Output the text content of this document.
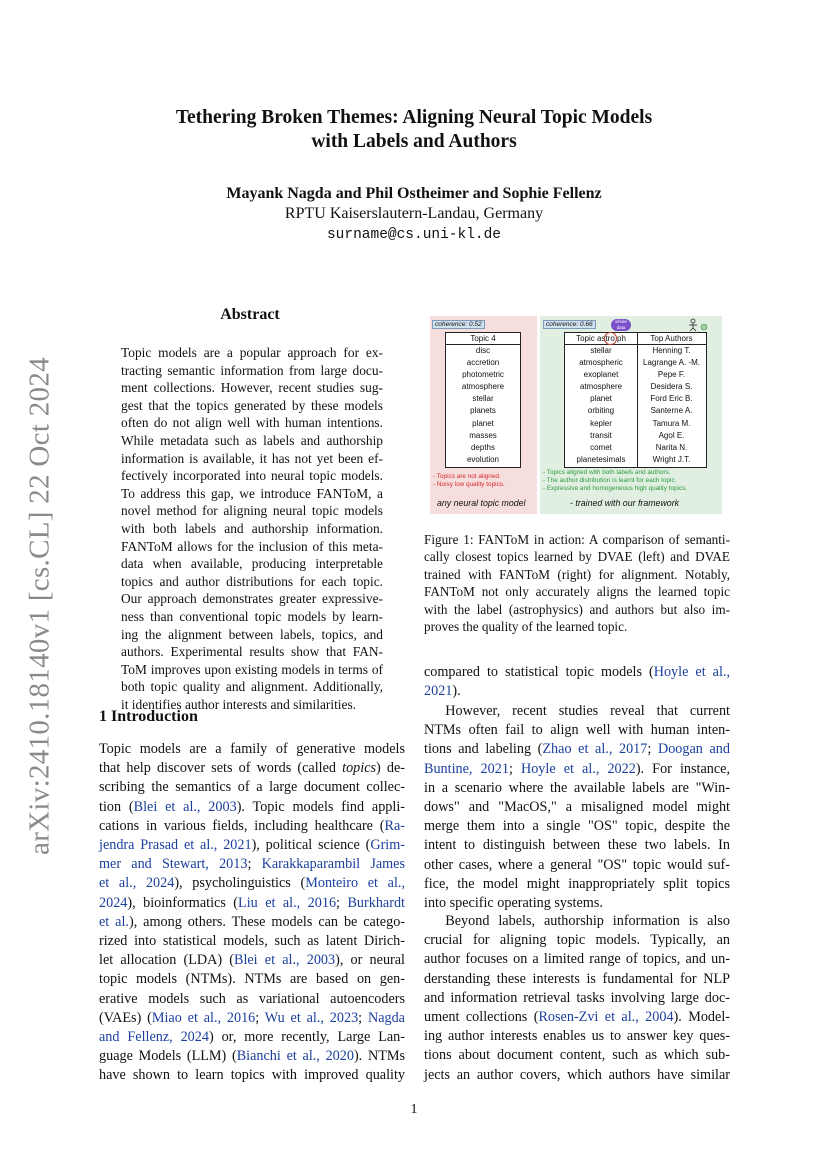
arXiv:2410.18140v1 [cs.CL] 22 Oct 2024
Tethering Broken Themes: Aligning Neural Topic Models
with Labels and Authors
Mayank Nagda and Phil Ostheimer and Sophie Fellenz
RPTU Kaiserslautern-Landau, Germany
surname@cs.uni-kl.de
Abstract
Topic models are a popular approach for ex-
tracting semantic information from large docu-
ment collections. However, recent studies sug-
gest that the topics generated by these models
often do not align well with human intentions.
While metadata such as labels and authorship
information is available, it has not yet been ef-
fectively incorporated into neural topic models.
To address this gap, we introduce FANToM, a
novel method for aligning neural topic models
with both labels and authorship information.
FANToM allows for the inclusion of this meta-
data when available, producing interpretable
topics and author distributions for each topic.
Our approach demonstrates greater expressive-
ness than conventional topic models by learn-
ing the alignment between labels, topics, and
authors. Experimental results show that FAN-
ToM improves upon existing models in terms of
both topic quality and alignment. Additionally,
it identifies author interests and similarities.
coherence: 0.52
Topic 4
disc
accretion
photometric
atmosphere
stellar
planets
planet
masses
depths
evolution
- Topics are not aligned.
- Noisy low quality topics.
any neural topic model
coherence: 0.66	whole data
Topic astro.ph	Top Authors
stellar	Henning T.
atmospheric	Lagrange A. -M.
exoplanet	Pepe F.
atmosphere	Desidera S.
planet	Ford Eric B.
orbiting	Santerne A.
kepler	Tamura M.
transit	Agol E.
comet	Narita N.
planetesimals	Wright J.T.
- Topics aligned with both labels and authors.
- The author distribution is learnt for each topic.
- Expressive and homogeneous high quality topics.
- trained with our framework
Figure 1: FANToM in action: A comparison of semanti-
cally closest topics learned by DVAE (left) and DVAE
trained with FANToM (right) for alignment. Notably,
FANToM not only accurately aligns the learned topic
with the label (astrophysics) and authors but also im-
proves the quality of the learned topic.
1 Introduction
Topic models are a family of generative models
that help discover sets of words (called topics) de-
scribing the semantics of a large document collec-
tion (Blei et al., 2003). Topic models find appli-
cations in various fields, including healthcare (Ra-
jendra Prasad et al., 2021), political science (Grim-
mer and Stewart, 2013; Karakkaparambil James
et al., 2024), psycholinguistics (Monteiro et al.,
2024), bioinformatics (Liu et al., 2016; Burkhardt
et al.), among others. These models can be catego-
rized into statistical models, such as latent Dirich-
let allocation (LDA) (Blei et al., 2003), or neural
topic models (NTMs). NTMs are based on gen-
erative models such as variational autoencoders
(VAEs) (Miao et al., 2016; Wu et al., 2023; Nagda
and Fellenz, 2024) or, more recently, Large Lan-
guage Models (LLM) (Bianchi et al., 2020). NTMs
have shown to learn topics with improved quality
compared to statistical topic models (Hoyle et al.,
2021).
  However, recent studies reveal that current
NTMs often fail to align well with human inten-
tions and labeling (Zhao et al., 2017; Doogan and
Buntine, 2021; Hoyle et al., 2022). For instance,
in a scenario where the available labels are "Win-
dows" and "MacOS," a misaligned model might
merge them into a single "OS" topic, despite the
intent to distinguish between these two labels. In
other cases, where a general "OS" topic would suf-
fice, the model might inappropriately split topics
into specific operating systems.
  Beyond labels, authorship information is also
crucial for aligning topic models. Typically, an
author focuses on a limited range of topics, and un-
derstanding these interests is fundamental for NLP
and information retrieval tasks involving large doc-
ument collections (Rosen-Zvi et al., 2004). Model-
ing author interests enables us to answer key ques-
tions about document content, such as which sub-
jects an author covers, which authors have similar
1
